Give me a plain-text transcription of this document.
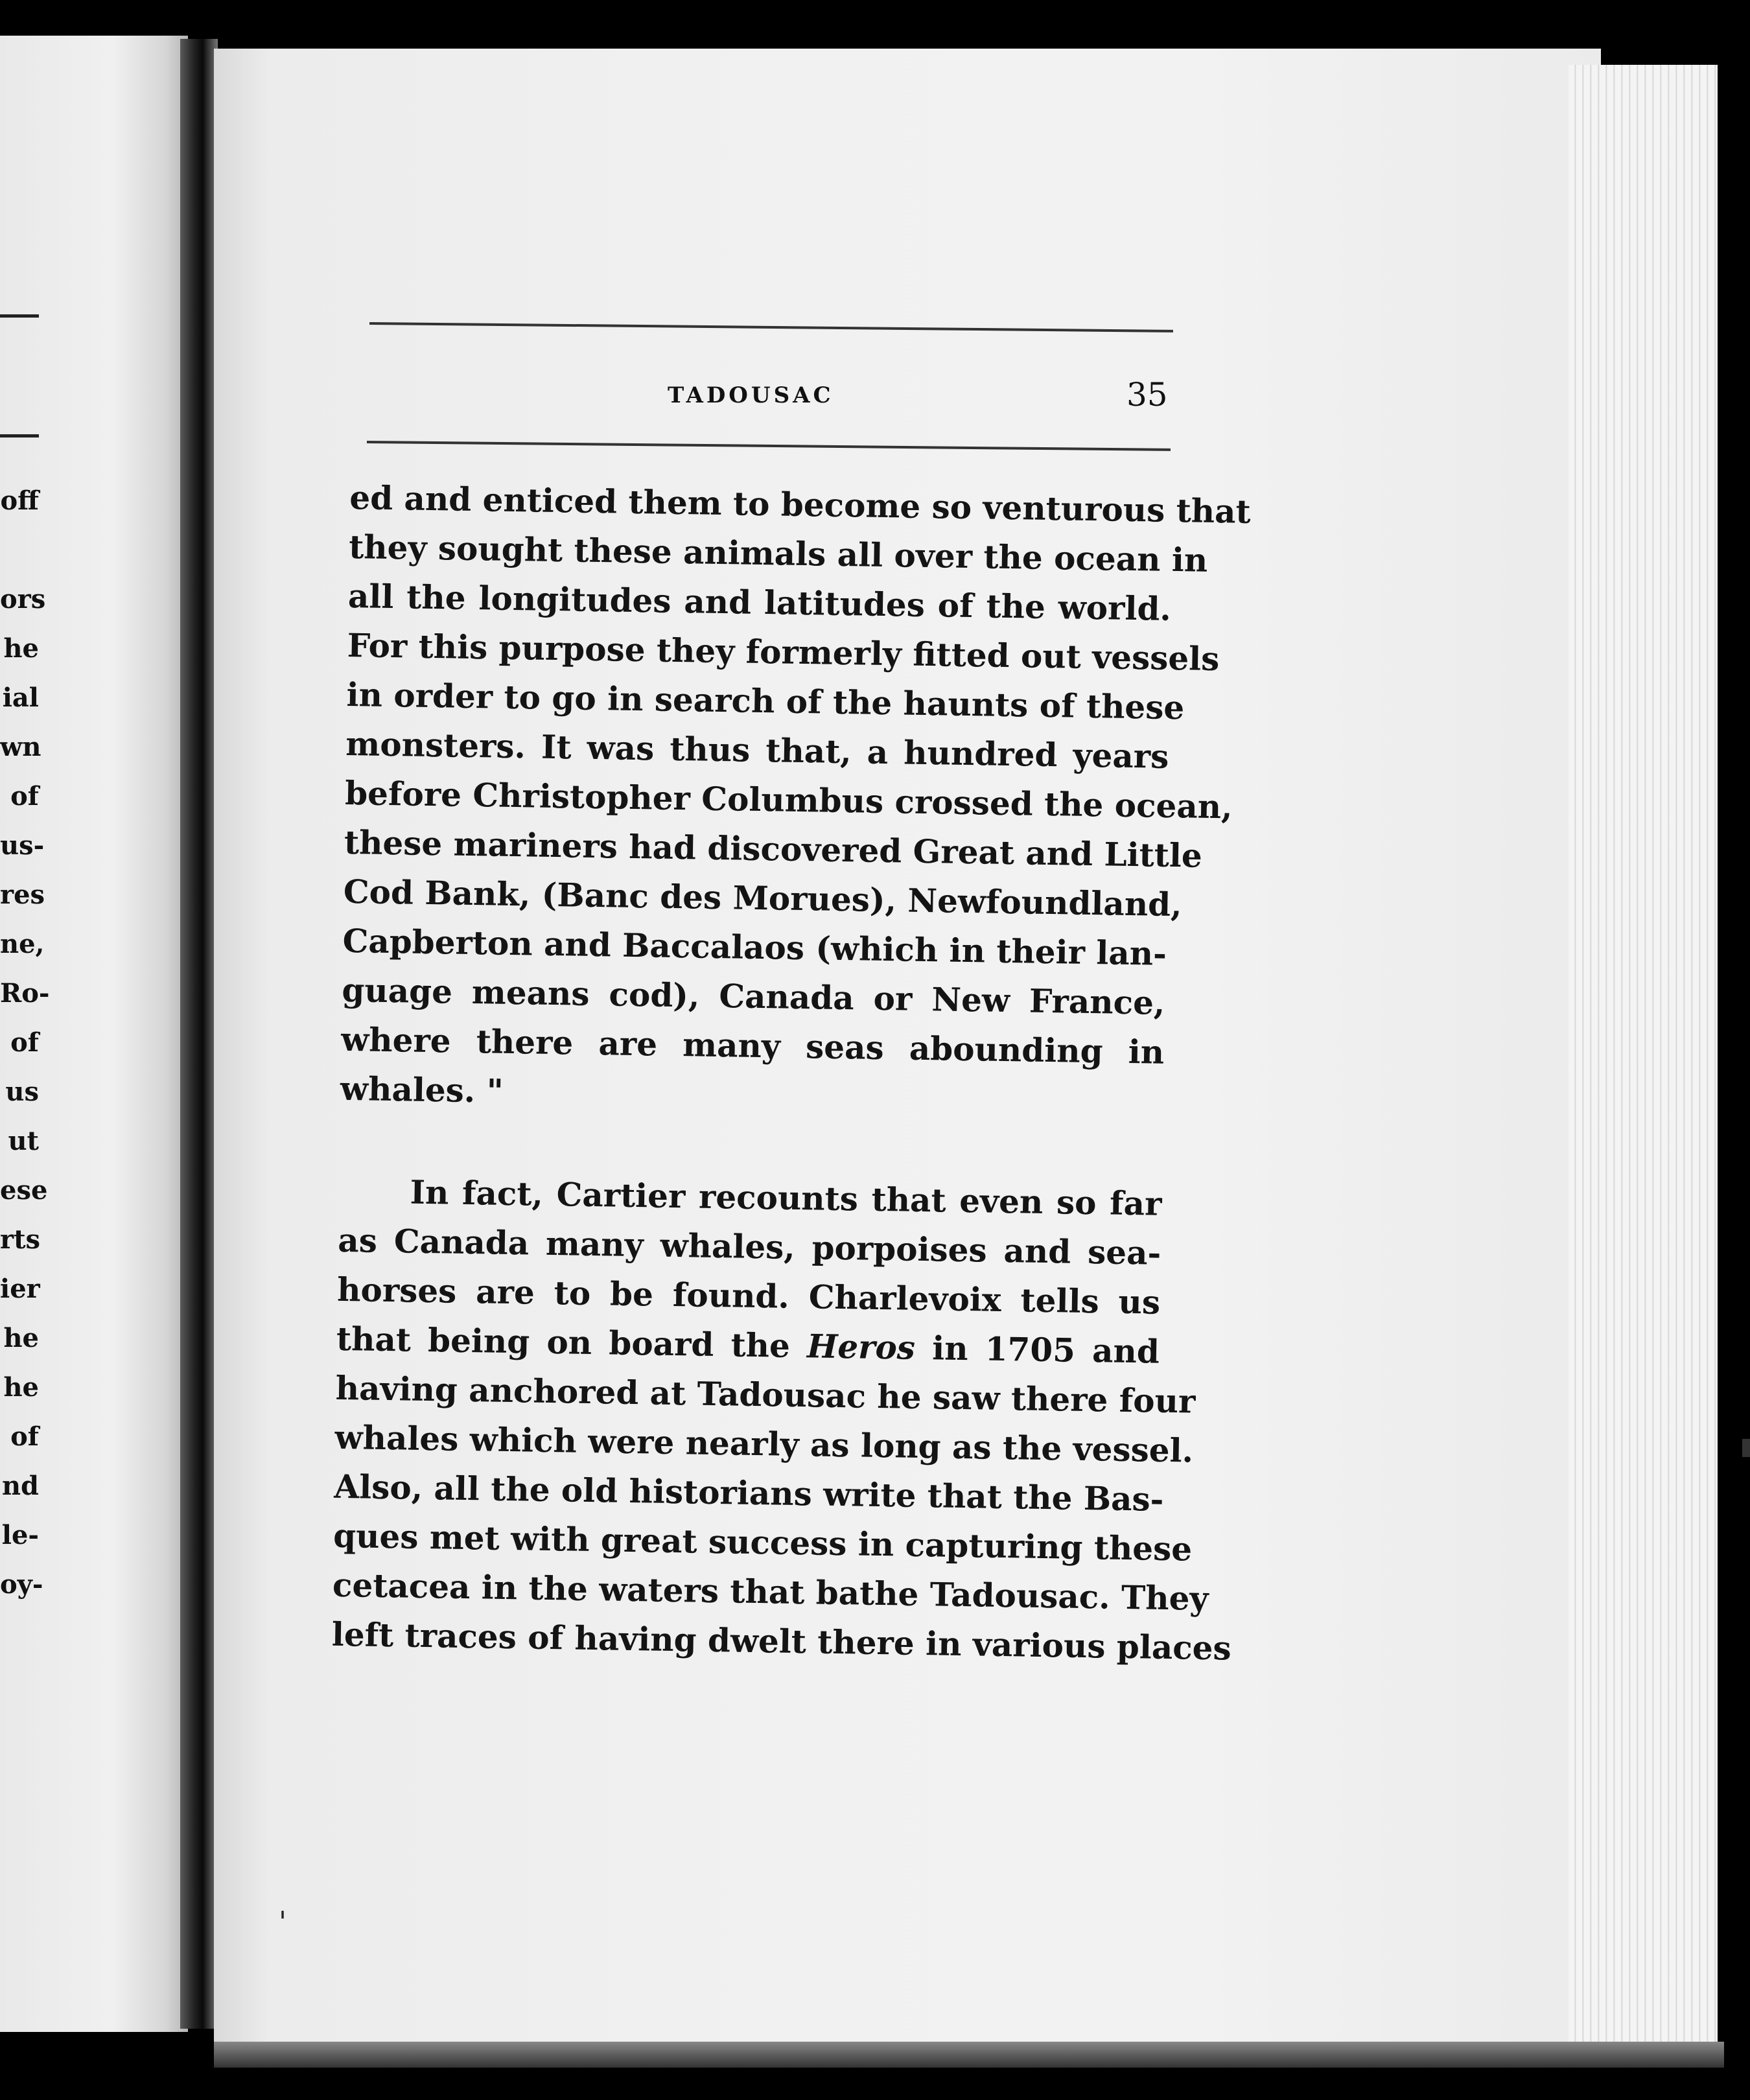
off
ors
he
ial
wn
of
us-
res
ne,
Ro-
of
us
ut
ese
rts
ier
he
he
of
nd
le-
oy-
TADOUSAC	35
ed and enticed them to become so venturous that
they sought these animals all over the ocean in
all the longitudes and latitudes of the world.
For this purpose they formerly fitted out vessels
in order to go in search of the haunts of these
monsters. It was thus that, a hundred years
before Christopher Columbus crossed the ocean,
these mariners had discovered Great and Little
Cod Bank, (Banc des Morues), Newfoundland,
Capberton and Baccalaos (which in their lan-
guage means cod), Canada or New France,
where there are many seas abounding in
whales. "
In fact, Cartier recounts that even so far
as Canada many whales, porpoises and sea-
horses are to be found. Charlevoix tells us
that being on board the Heros in 1705 and
having anchored at Tadousac he saw there four
whales which were nearly as long as the vessel.
Also, all the old historians write that the Bas-
ques met with great success in capturing these
cetacea in the waters that bathe Tadousac. They
left traces of having dwelt there in various places
'
